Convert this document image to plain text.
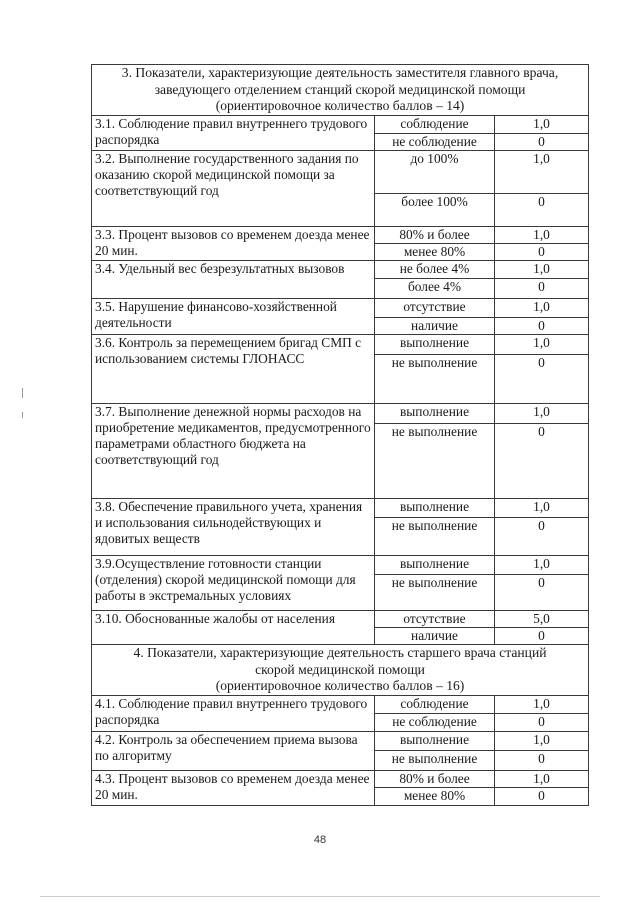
3. Показатели, характеризующие деятельность заместителя главного врача,
заведующего отделением станций скорой медицинской помощи
(ориентировочное количество баллов – 14)		

3.1. Соблюдение правил внутреннего трудового распорядка	соблюдение	1,0
	не соблюдение	0
3.2. Выполнение государственного задания по оказанию скорой медицинской помощи за соответствующий год	до 100%	1,0
	более 100%	0
3.3. Процент вызовов со временем доезда менее 20 мин.	80% и более	1,0
	менее 80%	0
3.4. Удельный вес безрезультатных вызовов	не более 4%	1,0
	более 4%	0
3.5. Нарушение финансово-хозяйственной деятельности	отсутствие	1,0
	наличие	0
3.6. Контроль за перемещением бригад СМП с использованием системы ГЛОНАСС	выполнение	1,0
	не выполнение	0
3.7. Выполнение денежной нормы расходов на приобретение медикаментов, предусмотренного параметрами областного бюджета на соответствующий год	выполнение	1,0
	не выполнение	0
3.8. Обеспечение правильного учета, хранения и использования сильнодействующих и ядовитых веществ	выполнение	1,0
	не выполнение	0
3.9.Осуществление готовности станции (отделения) скорой медицинской помощи для работы в экстремальных условиях	выполнение	1,0
	не выполнение	0
3.10. Обоснованные жалобы от населения	отсутствие	5,0
	наличие	0

4. Показатели, характеризующие деятельность старшего врача станций
скорой медицинской помощи
(ориентировочное количество баллов – 16)		

4.1. Соблюдение правил внутреннего трудового распорядка	соблюдение	1,0
	не соблюдение	0
4.2. Контроль за обеспечением приема вызова по алгоритму	выполнение	1,0
	не выполнение	0
4.3. Процент вызовов со временем доезда менее 20 мин.	80% и более	1,0
	менее 80%	0
48
